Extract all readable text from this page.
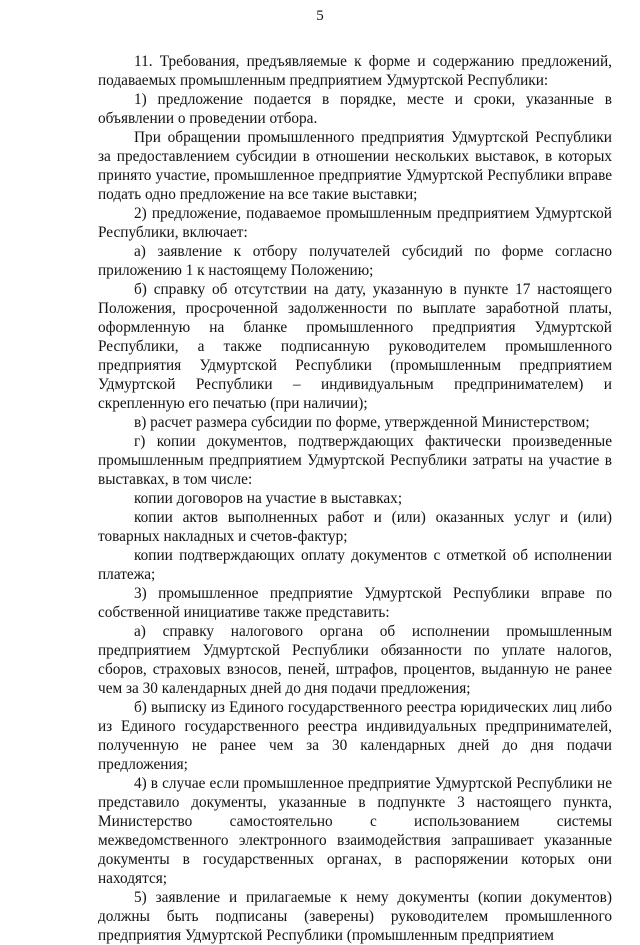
5

11. Требования, предъявляемые к форме и содержанию предложений, подаваемых промышленным предприятием Удмуртской Республики:

1) предложение подается в порядке, месте и сроки, указанные в объявлении о проведении отбора.

При обращении промышленного предприятия Удмуртской Республики за предоставлением субсидии в отношении нескольких выставок, в которых принято участие, промышленное предприятие Удмуртской Республики вправе подать одно предложение на все такие выставки;

2) предложение, подаваемое промышленным предприятием Удмуртской Республики, включает:

а) заявление к отбору получателей субсидий по форме согласно приложению 1 к настоящему Положению;

б) справку об отсутствии на дату, указанную в пункте 17 настоящего Положения, просроченной задолженности по выплате заработной платы, оформленную на бланке промышленного предприятия Удмуртской Республики, а также подписанную руководителем промышленного предприятия Удмуртской Республики (промышленным предприятием Удмуртской Республики – индивидуальным предпринимателем) и скрепленную его печатью (при наличии);

в) расчет размера субсидии по форме, утвержденной Министерством;

г) копии документов, подтверждающих фактически произведенные промышленным предприятием Удмуртской Республики затраты на участие в выставках, в том числе:

копии договоров на участие в выставках;

копии актов выполненных работ и (или) оказанных услуг и (или) товарных накладных и счетов-фактур;

копии подтверждающих оплату документов с отметкой об исполнении платежа;

3) промышленное предприятие Удмуртской Республики вправе по собственной инициативе также представить:

а) справку налогового органа об исполнении промышленным предприятием Удмуртской Республики обязанности по уплате налогов, сборов, страховых взносов, пеней, штрафов, процентов, выданную не ранее чем за 30 календарных дней до дня подачи предложения;

б) выписку из Единого государственного реестра юридических лиц либо из Единого государственного реестра индивидуальных предпринимателей, полученную не ранее чем за 30 календарных дней до дня подачи предложения;

4) в случае если промышленное предприятие Удмуртской Республики не представило документы, указанные в подпункте 3 настоящего пункта, Министерство самостоятельно с использованием системы межведомственного электронного взаимодействия запрашивает указанные документы в государственных органах, в распоряжении которых они находятся;

5) заявление и прилагаемые к нему документы (копии документов) должны быть подписаны (заверены) руководителем промышленного предприятия Удмуртской Республики (промышленным предприятием
